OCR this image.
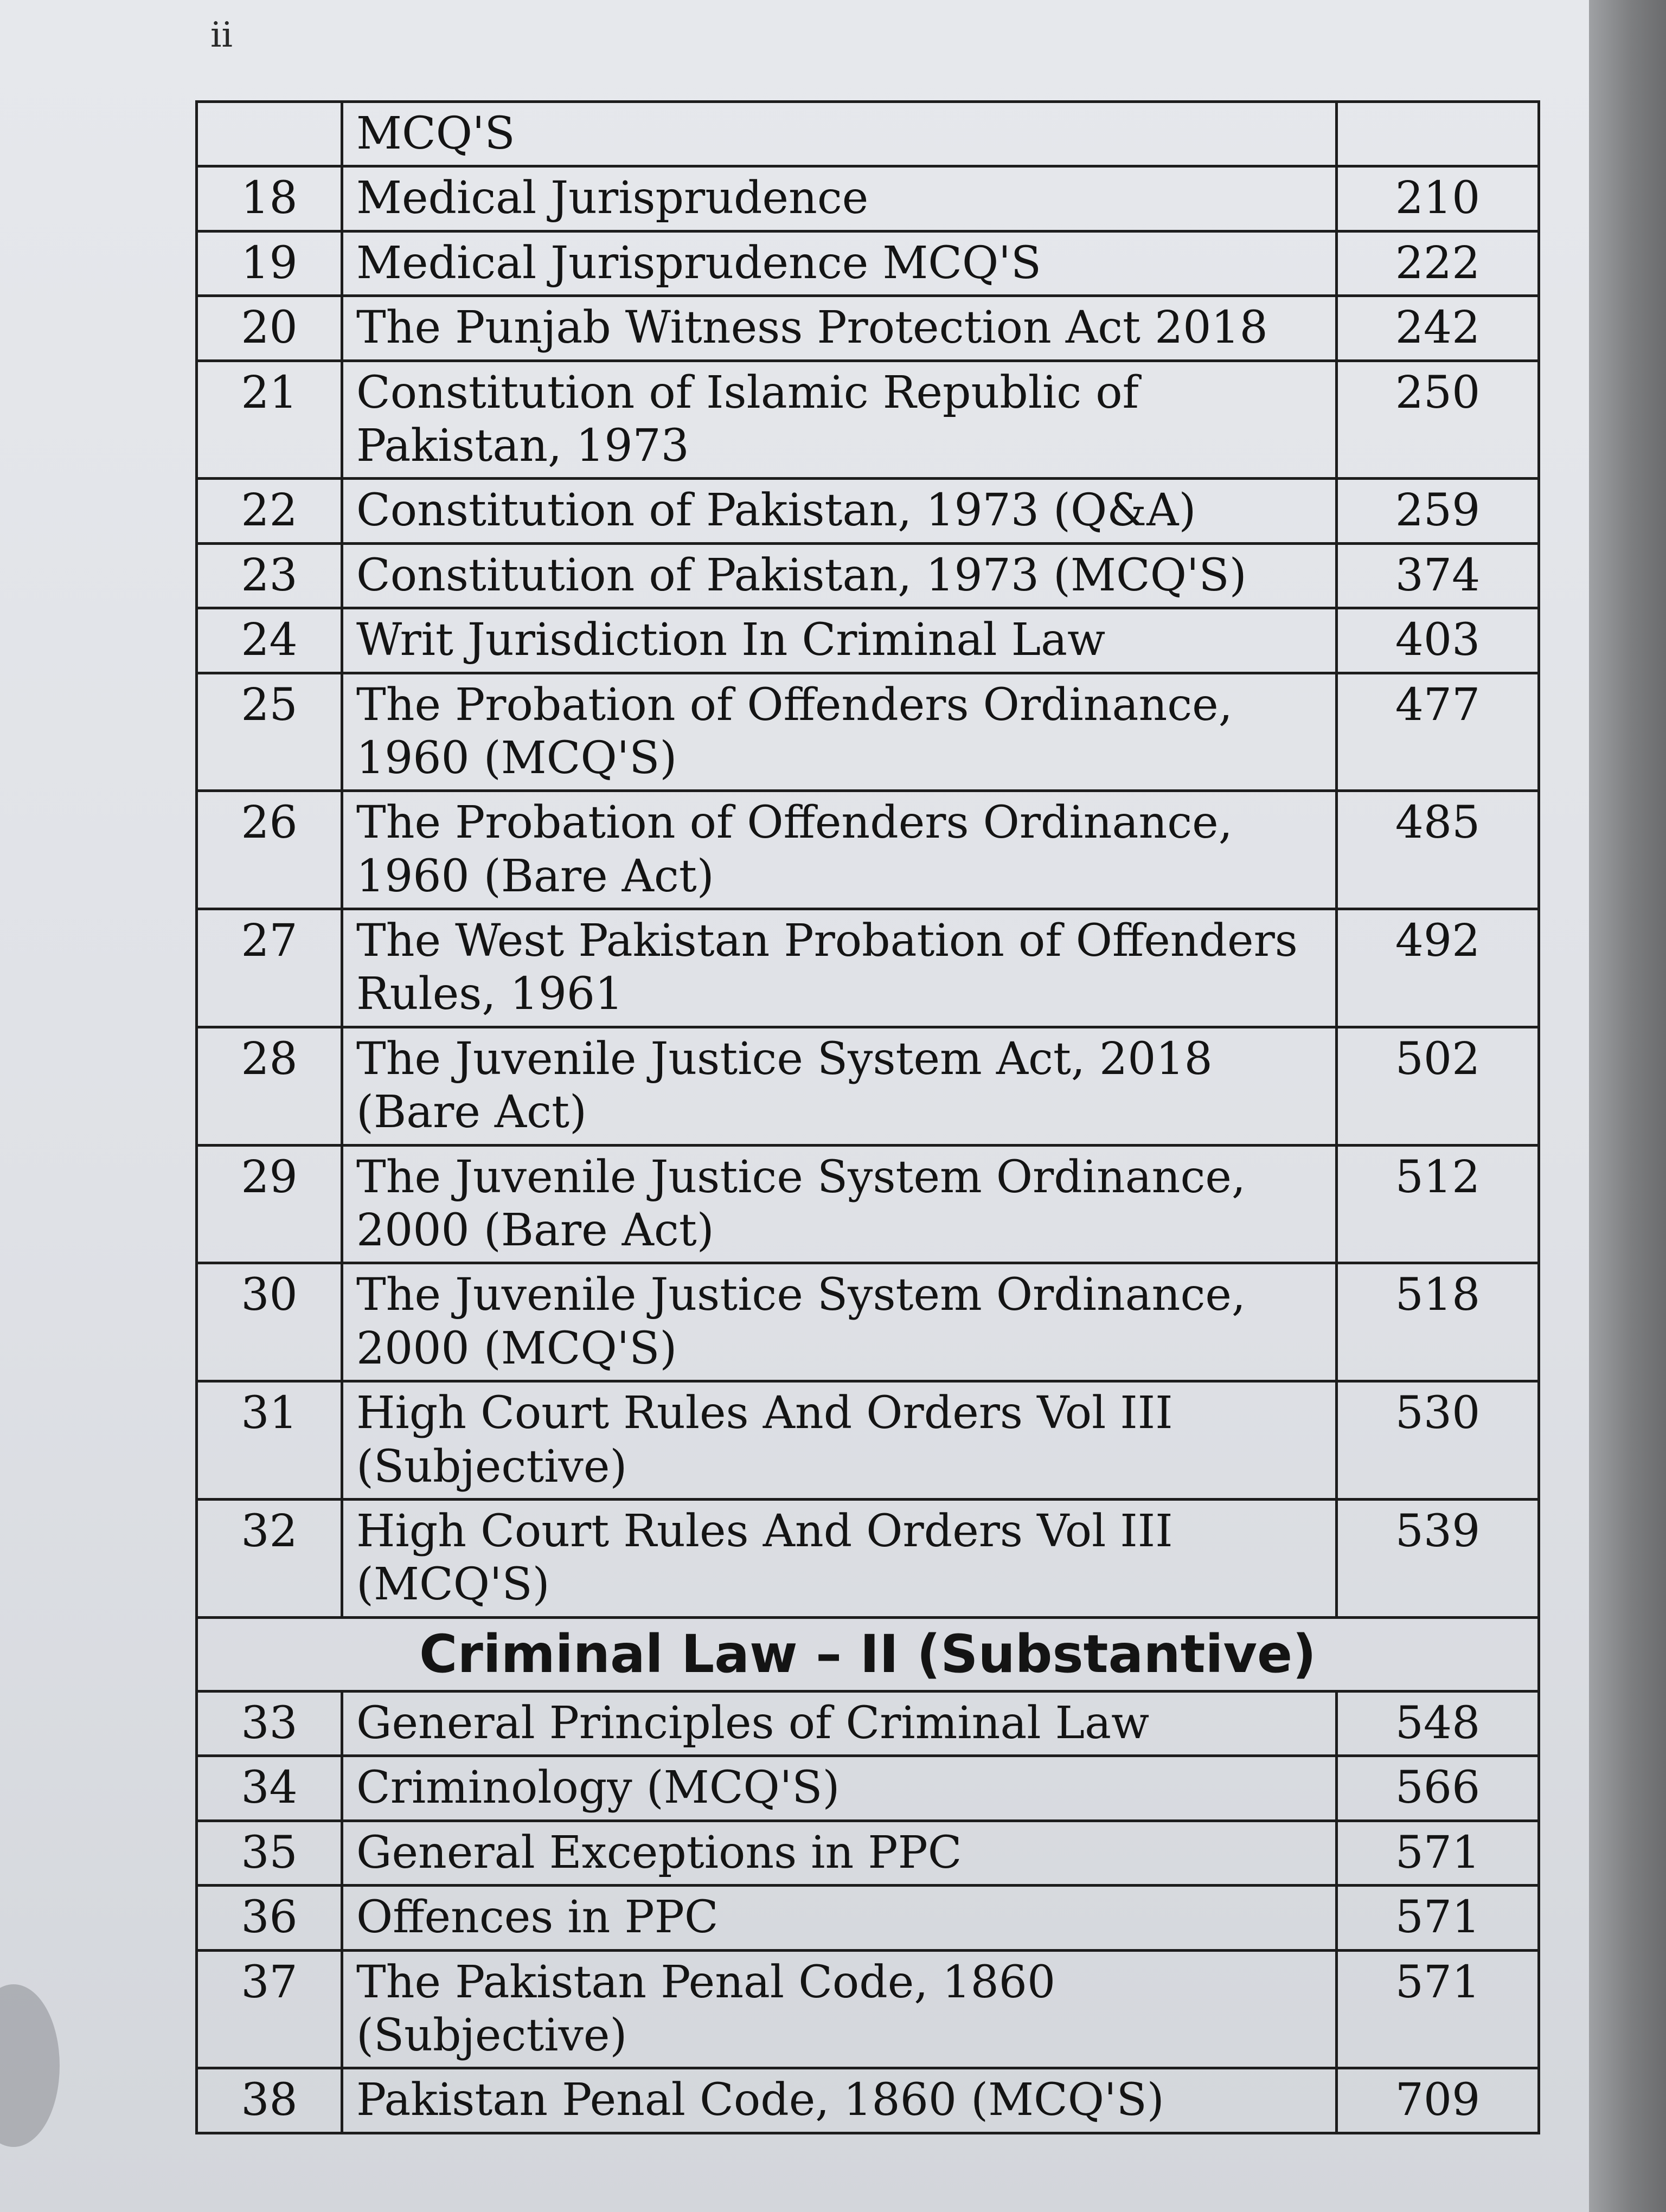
ii
	MCQ'S	
18	Medical Jurisprudence	210
19	Medical Jurisprudence MCQ'S	222
20	The Punjab Witness Protection Act 2018	242
21	Constitution of Islamic Republic of Pakistan, 1973	250
22	Constitution of Pakistan, 1973 (Q&A)	259
23	Constitution of Pakistan, 1973 (MCQ'S)	374
24	Writ Jurisdiction In Criminal Law	403
25	The Probation of Offenders Ordinance, 1960 (MCQ'S)	477
26	The Probation of Offenders Ordinance, 1960 (Bare Act)	485
27	The West Pakistan Probation of Offenders Rules, 1961	492
28	The Juvenile Justice System Act, 2018 (Bare Act)	502
29	The Juvenile Justice System Ordinance, 2000 (Bare Act)	512
30	The Juvenile Justice System Ordinance, 2000 (MCQ'S)	518
31	High Court Rules And Orders Vol III (Subjective)	530
32	High Court Rules And Orders Vol III (MCQ'S)	539
Criminal Law – II (Substantive)		
33	General Principles of Criminal Law	548
34	Criminology (MCQ'S)	566
35	General Exceptions in PPC	571
36	Offences in PPC	571
37	The Pakistan Penal Code, 1860 (Subjective)	571
38	Pakistan Penal Code, 1860 (MCQ'S)	709
